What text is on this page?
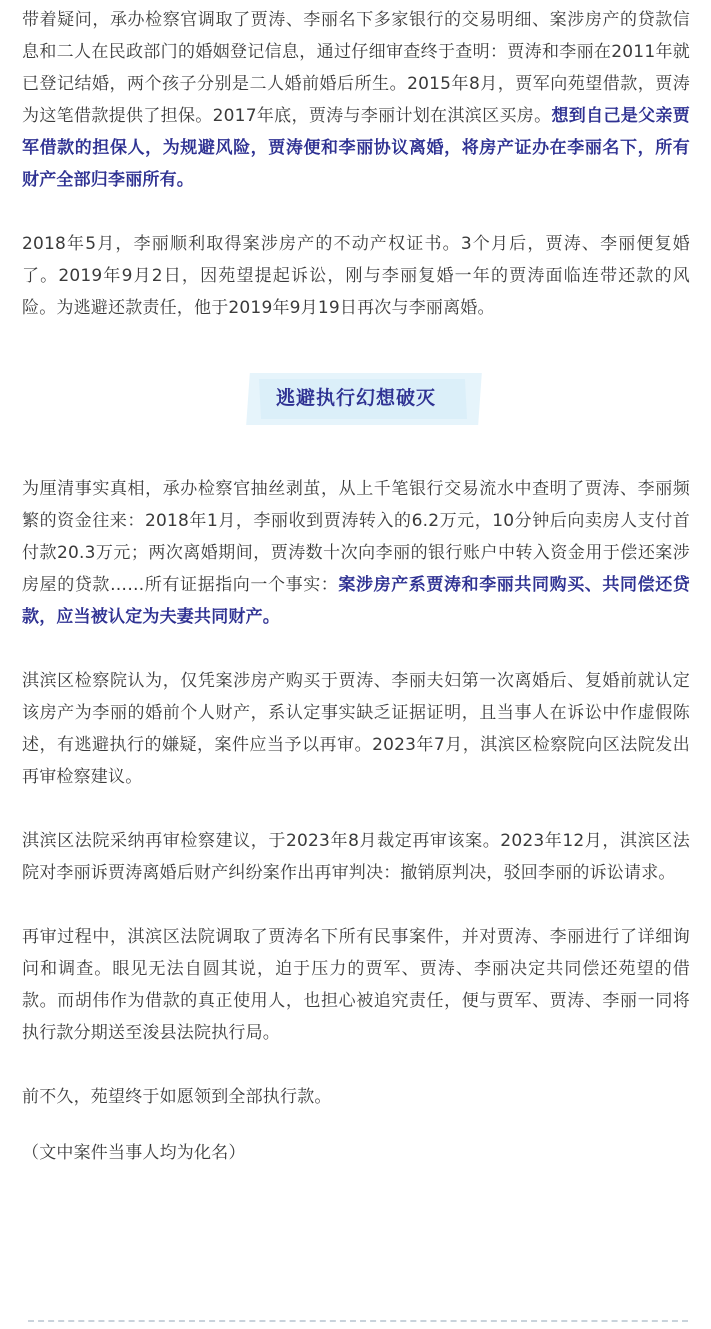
带着疑问，承办检察官调取了贾涛、李丽名下多家银行的交易明细、案涉房产的贷款信息和二人在民政部门的婚姻登记信息，通过仔细审查终于查明：贾涛和李丽在2011年就已登记结婚，两个孩子分别是二人婚前婚后所生。2015年8月，贾军向苑望借款，贾涛为这笔借款提供了担保。2017年底，贾涛与李丽计划在淇滨区买房。想到自己是父亲贾军借款的担保人，为规避风险，贾涛便和李丽协议离婚，将房产证办在李丽名下，所有财产全部归李丽所有。

2018年5月，李丽顺利取得案涉房产的不动产权证书。3个月后，贾涛、李丽便复婚了。2019年9月2日，因苑望提起诉讼，刚与李丽复婚一年的贾涛面临连带还款的风险。为逃避还款责任，他于2019年9月19日再次与李丽离婚。

逃避执行幻想破灭

为厘清事实真相，承办检察官抽丝剥茧，从上千笔银行交易流水中查明了贾涛、李丽频繁的资金往来：2018年1月，李丽收到贾涛转入的6.2万元，10分钟后向卖房人支付首付款20.3万元；两次离婚期间，贾涛数十次向李丽的银行账户中转入资金用于偿还案涉房屋的贷款……所有证据指向一个事实：案涉房产系贾涛和李丽共同购买、共同偿还贷款，应当被认定为夫妻共同财产。

淇滨区检察院认为，仅凭案涉房产购买于贾涛、李丽夫妇第一次离婚后、复婚前就认定该房产为李丽的婚前个人财产，系认定事实缺乏证据证明，且当事人在诉讼中作虚假陈述，有逃避执行的嫌疑，案件应当予以再审。2023年7月，淇滨区检察院向区法院发出再审检察建议。

淇滨区法院采纳再审检察建议，于2023年8月裁定再审该案。2023年12月，淇滨区法院对李丽诉贾涛离婚后财产纠纷案作出再审判决：撤销原判决，驳回李丽的诉讼请求。

再审过程中，淇滨区法院调取了贾涛名下所有民事案件，并对贾涛、李丽进行了详细询问和调查。眼见无法自圆其说，迫于压力的贾军、贾涛、李丽决定共同偿还苑望的借款。而胡伟作为借款的真正使用人，也担心被追究责任，便与贾军、贾涛、李丽一同将执行款分期送至浚县法院执行局。

前不久，苑望终于如愿领到全部执行款。

（文中案件当事人均为化名）
